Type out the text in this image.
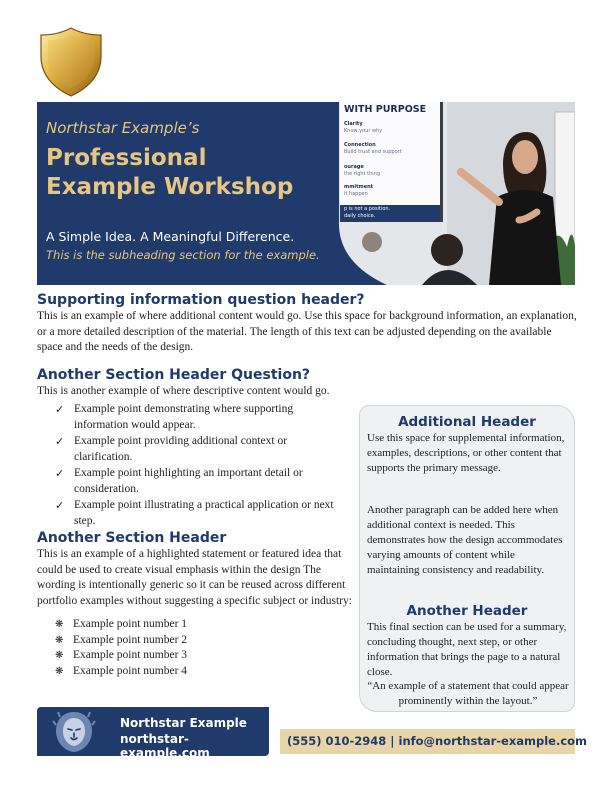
WITH PURPOSE
Clarity
Know your why
Connection
Build trust and support
ourage
the right thing
mmitment
it happen
p is not a position.
daily choice.
Northstar Example’s
Professional
Example Workshop
A Simple Idea. A Meaningful Difference.
This is the subheading section for the example.
Supporting information question header?
This is an example of where additional content would go. Use this space for background information, an explanation, or a more detailed description of the material. The length of this text can be adjusted depending on the available space and the needs of the design.
Another Section Header Question?
This is another example of where descriptive content would go.
✓ Example point demonstrating where supporting information would appear.
✓ Example point providing additional context or clarification.
✓ Example point highlighting an important detail or consideration.
✓ Example point illustrating a practical application or next step.
Another Section Header
This is an example of a highlighted statement or featured idea that could be used to create visual emphasis within the design The wording is intentionally generic so it can be reused across different portfolio examples without suggesting a specific subject or industry:
❋ Example point number 1
❋ Example point number 2
❋ Example point number 3
❋ Example point number 4
Additional Header
Use this space for supplemental information, examples, descriptions, or other content that supports the primary message.
Another paragraph can be added here when additional context is needed. This demonstrates how the design accommodates varying amounts of content while maintaining consistency and readability.
Another Header
This final section can be used for a summary, concluding thought, next step, or other information that brings the page to a natural close.
“An example of a statement that could appear prominently within the layout.”
Northstar Example
northstar-example.com
(555) 010-2948 | info@northstar-example.com
